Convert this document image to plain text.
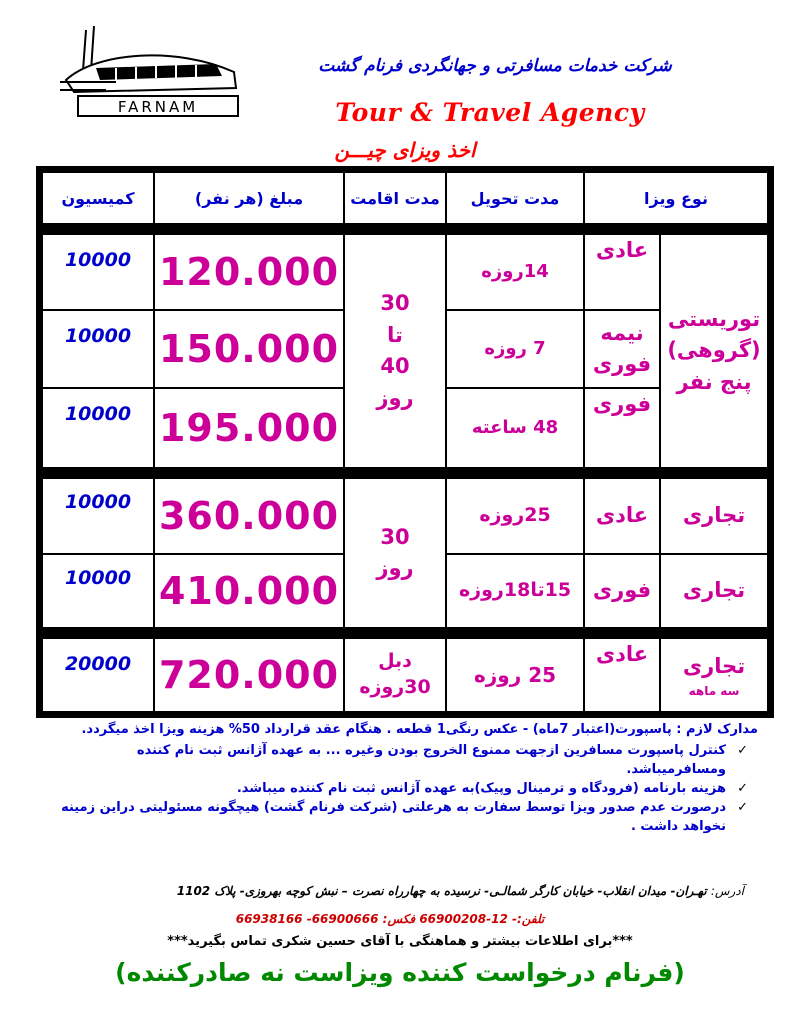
FARNAM
شرکت خدمات مسافرتی و جهانگردی فرنام گشت
Tour & Travel Agency
اخذ ویزای چیـــن
نوع ویزا
مدت تحویل
مدت اقامت
مبلغ (هر نفر)
کمیسیون
توریستی (گروهی) پنج نفر
عادی
نیمه فوری
فوری
14روزه
7 روزه
48 ساعته
30 تا 40 روز
120.000
150.000
195.000
10000
10000
10000
تجاری
تجاری
عادی
فوری
25روزه
15تا18روزه
30 روز
360.000
410.000
10000
10000
تجاری
سه ماهه
عادی
25 روزه
دبل 30روزه
720.000
20000

مدارک لازم : پاسپورت(اعتبار 7ماه) - عکس رنگی1 قطعه . هنگام عقد قرارداد 50% هزینه ویزا اخذ میگردد.

✓
کنترل پاسپورت مسافرین ازجهت ممنوع الخروج بودن وغیره ... به عهده آژانس ثبت نام کننده ومسافرمیباشد.
✓
هزینه بارنامه (فرودگاه و ترمینال وپیک)به عهده آژانس ثبت نام کننده میباشد.
✓
درصورت عدم صدور ویزا توسط سفارت به هرعلتی (شرکت فرنام گشت) هیچگونه مسئولیتی دراین زمینه نخواهد داشت .
آدرس: تهـران- میدان انقلاب- خیابان کارگر شمالـی- نرسیده به چهارراه نصرت – نبش کوچه بهروزی- پلاک 1102
تلفن:- 12-66900208 فکس: 66900666- 66938166
***برای اطلاعات بیشتر و هماهنگی با آقای حسین شکری تماس بگیرید***
(فرنام درخواست کننده ویزاست نه صادرکننده)
